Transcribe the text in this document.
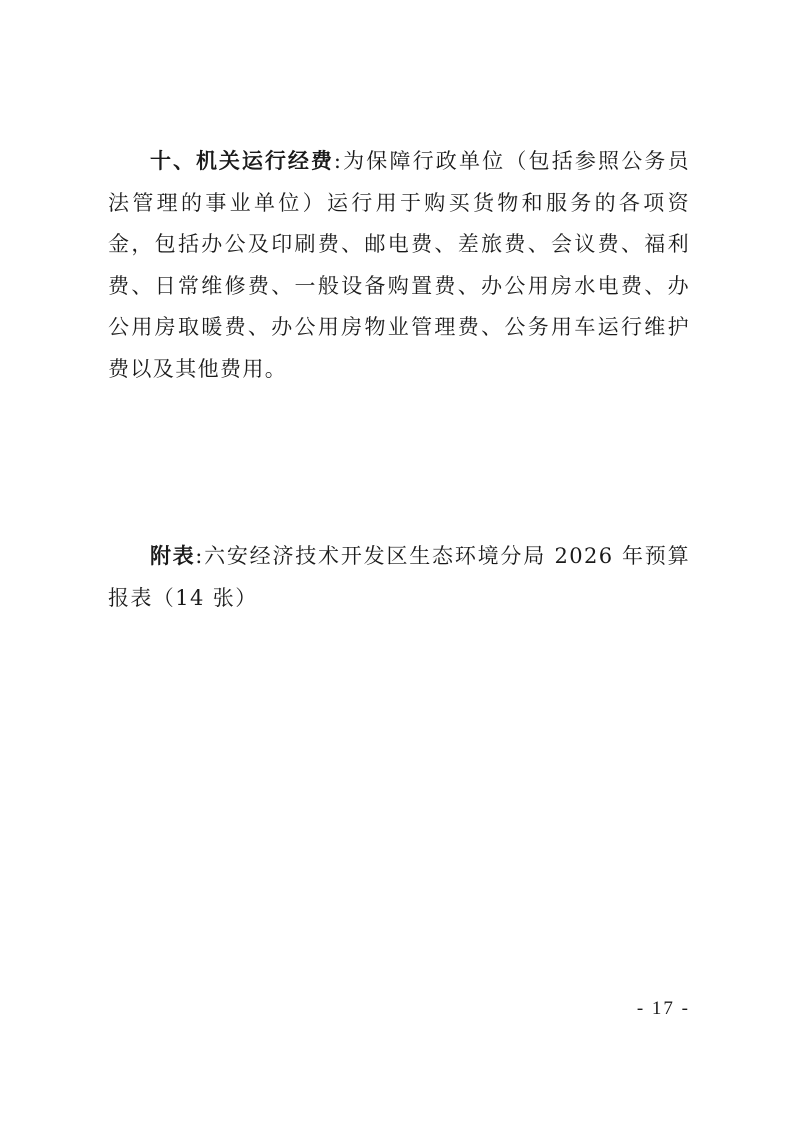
十、机关运行经费:为保障行政单位（包括参照公务员法管理的事业单位）运行用于购买货物和服务的各项资金，包括办公及印刷费、邮电费、差旅费、会议费、福利费、日常维修费、一般设备购置费、办公用房水电费、办公用房取暖费、办公用房物业管理费、公务用车运行维护费以及其他费用。

附表:六安经济技术开发区生态环境分局 2026 年预算报表（14 张）

- 17 -
